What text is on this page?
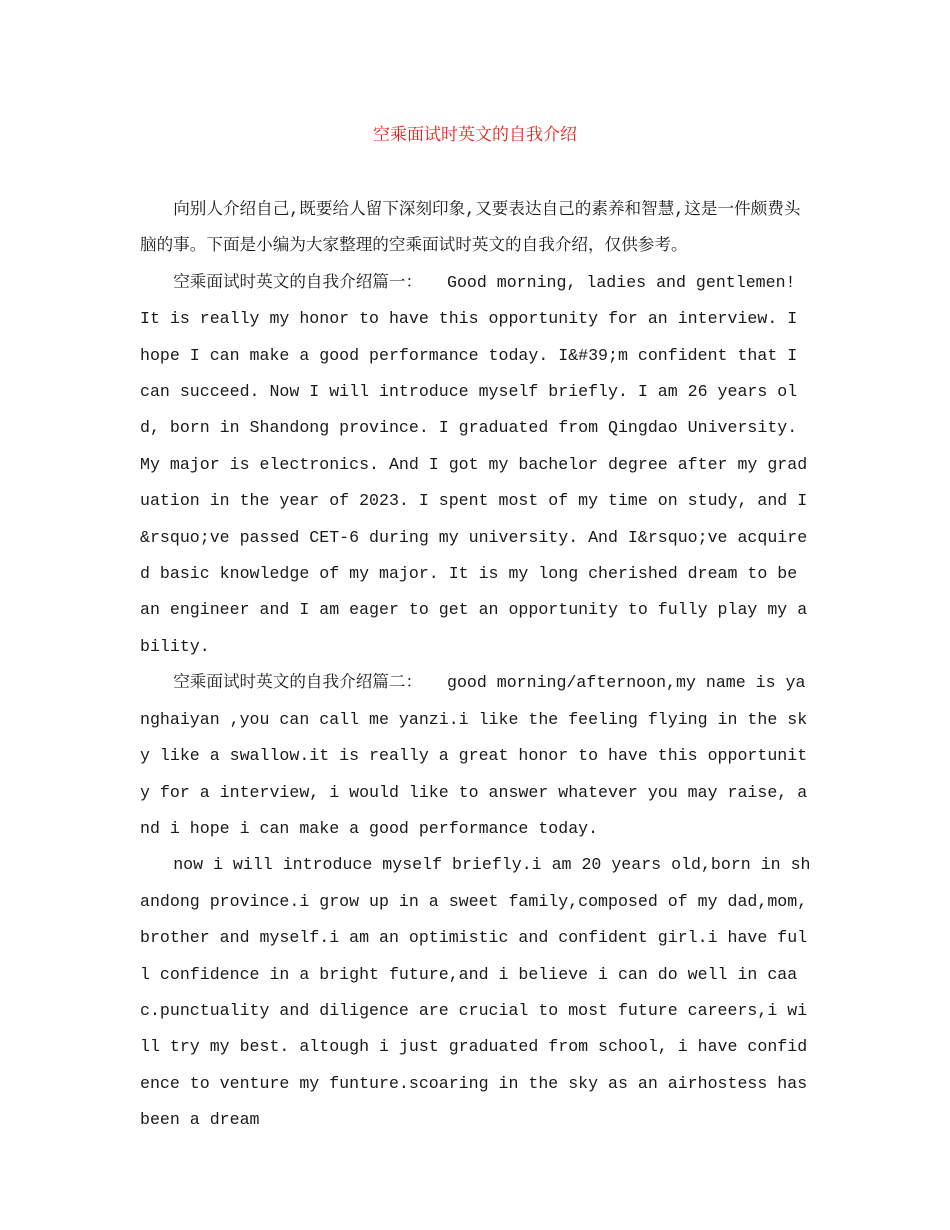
空乘面试时英文的自我介绍

向别人介绍自己,既要给人留下深刻印象,又要表达自己的素养和智慧,这是一件颇费头脑的事。下面是小编为大家整理的空乘面试时英文的自我介绍，仅供参考。

空乘面试时英文的自我介绍篇一：　　Good morning, ladies and gentlemen! It is really my honor to have this opportunity for an interview. I hope I can make a good performance today. I&#39;m confident that I can succeed. Now I will introduce myself briefly. I am 26 years old, born in Shandong province. I graduated from Qingdao University. My major is electronics. And I got my bachelor degree after my graduation in the year of 2023. I spent most of my time on study, and I&rsquo;ve passed CET-6 during my university. And I&rsquo;ve acquired basic knowledge of my major. It is my long cherished dream to be an engineer and I am eager to get an opportunity to fully play my ability.

空乘面试时英文的自我介绍篇二：　　good morning/afternoon,my name is yanghaiyan ,you can call me yanzi.i like the feeling flying in the sky like a swallow.it is really a great honor to have this opportunity for a interview, i would like to answer whatever you may raise, and i hope i can make a good performance today.

now i will introduce myself briefly.i am 20 years old,born in shandong province.i grow up in a sweet family,composed of my dad,mom,brother and myself.i am an optimistic and confident girl.i have full confidence in a bright future,and i believe i can do well in caac.punctuality and diligence are crucial to most future careers,i will try my best. altough i just graduated from school, i have confidence to venture my funture.scoaring in the sky as an airhostess has been a dream
